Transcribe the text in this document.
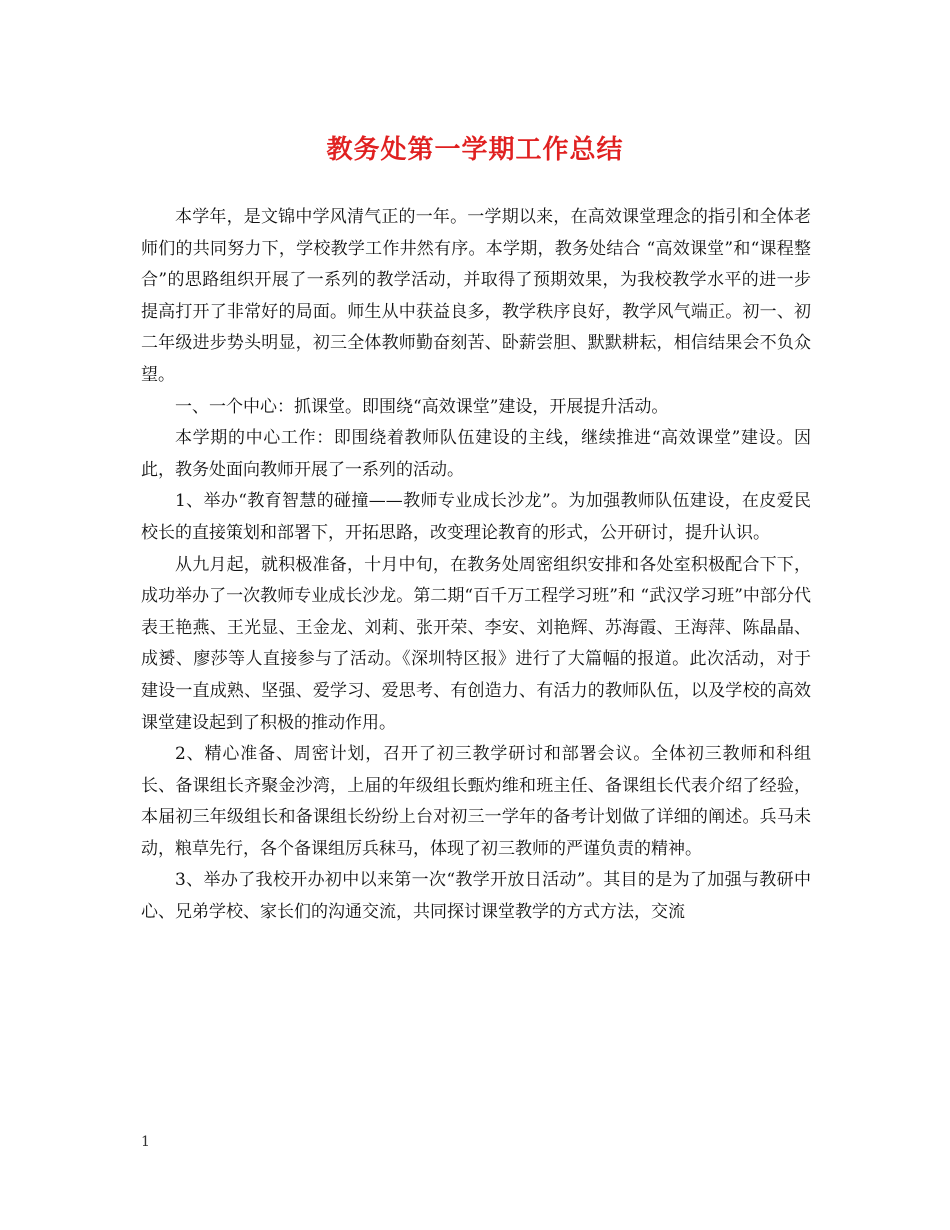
教务处第一学期工作总结

本学年，是文锦中学风清气正的一年。一学期以来，在高效课堂理念的指引和全体老师们的共同努力下，学校教学工作井然有序。本学期，教务处结合 “高效课堂”和“课程整合”的思路组织开展了一系列的教学活动，并取得了预期效果，为我校教学水平的进一步提高打开了非常好的局面。师生从中获益良多，教学秩序良好，教学风气端正。初一、初二年级进步势头明显，初三全体教师勤奋刻苦、卧薪尝胆、默默耕耘，相信结果会不负众望。

一、一个中心：抓课堂。即围绕“高效课堂”建设，开展提升活动。

本学期的中心工作：即围绕着教师队伍建设的主线，继续推进“高效课堂”建设。因此，教务处面向教师开展了一系列的活动。

1、举办“教育智慧的碰撞——教师专业成长沙龙”。为加强教师队伍建设，在皮爱民校长的直接策划和部署下，开拓思路，改变理论教育的形式，公开研讨，提升认识。

从九月起，就积极准备，十月中旬，在教务处周密组织安排和各处室积极配合下下，成功举办了一次教师专业成长沙龙。第二期“百千万工程学习班”和 “武汉学习班”中部分代表王艳燕、王光显、王金龙、刘莉、张开荣、李安、刘艳辉、苏海霞、王海萍、陈晶晶、成赟、廖莎等人直接参与了活动。《深圳特区报》进行了大篇幅的报道。此次活动，对于建设一直成熟、坚强、爱学习、爱思考、有创造力、有活力的教师队伍，以及学校的高效课堂建设起到了积极的推动作用。

2、精心准备、周密计划，召开了初三教学研讨和部署会议。全体初三教师和科组长、备课组长齐聚金沙湾，上届的年级组长甄灼维和班主任、备课组长代表介绍了经验，本届初三年级组长和备课组长纷纷上台对初三一学年的备考计划做了详细的阐述。兵马未动，粮草先行，各个备课组厉兵秣马，体现了初三教师的严谨负责的精神。

3、举办了我校开办初中以来第一次“教学开放日活动”。其目的是为了加强与教研中心、兄弟学校、家长们的沟通交流，共同探讨课堂教学的方式方法，交流

1
